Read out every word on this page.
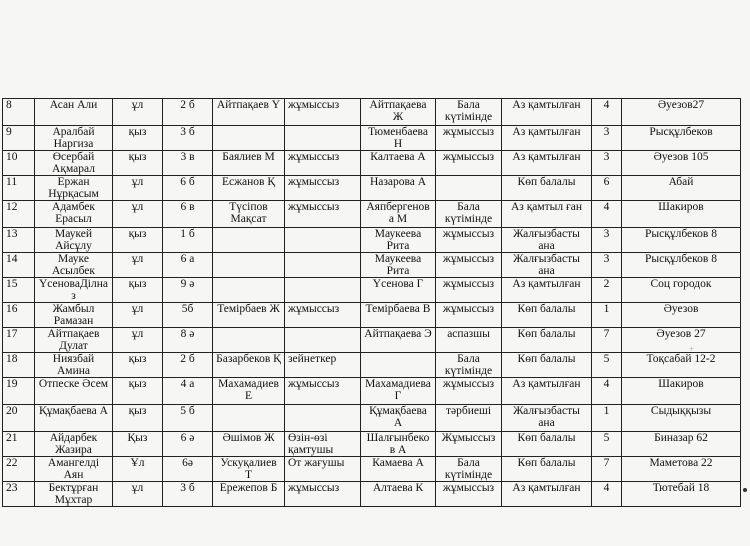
8	Асан Али	ұл	2 б	Айтпақаев Ү	жұмыссыз	Айтпақаева Ж	Бала күтімінде	Аз қамтылған	4	Әуезов27
9	Аралбай Наргиза	қыз	3 б			Тюменбаева Н	жұмыссыз	Аз қамтылған	3	Рысқұлбеков
10	Өсербай Ақмарал	қыз	3 в	Баялиев М	жұмыссыз	Калтаева А	жұмыссыз	Аз қамтылған	3	Әуезов 105
11	Ержан Нұрқасым	ұл	6 б	Есжанов Қ	жұмыссыз	Назарова А		Көп балалы	6	Абай
12	Адамбек Ерасыл	ұл	6 в	Түсіпов Мақсат	жұмыссыз	Аяпбергенова М	Бала күтімінде	Аз қамтыл ған	4	Шакиров
13	Маукей Айсұлу	қыз	1 б			Маукеева Рита	жұмыссыз	Жалғызбасты ана	3	Рысқұлбеков 8
14	Мауке Асылбек	ұл	6 а			Маукеева Рита	жұмыссыз	Жалғызбасты ана	3	Рысқұлбеков 8
15	ҮсеноваДілназ	қыз	9 ә			Үсенова Г	жұмыссыз	Аз қамтылған	2	Соц городок
16	Жамбыл Рамазан	ұл	5б	Темірбаев Ж	жұмыссыз	Темірбаева В	жұмыссыз	Көп балалы	1	Әуезов
17	Айтпақаев Дулат	ұл	8 ә			Айтпақаева Э	аспазшы	Көп балалы	7	Әуезов 27
18	Ниязбай Амина	қыз	2 б	Базарбеков Қ	зейнеткер		Бала күтімінде	Көп балалы	5	Тоқсабай 12-2
19	Отпеске Әсем	қыз	4 а	Махамадиев Е	жұмыссыз	Махамадиева Г	жұмыссыз	Аз қамтылған	4	Шакиров
20	Құмақбаева А	қыз	5 б			Құмақбаева А	тәрбиеші	Жалғызбасты ана	1	Сыдыққызы
21	Айдарбек Жазира	Қыз	6 ә	Әшімов Ж	Өзін-өзі қамтушы	Шалғынбеков А	Жұмыссыз	Көп балалы	5	Биназар 62
22	Амангелді Аян	Ұл	6ә	Ускуқалиев Т	От жағушы	Камаева А	Бала күтімінде	Көп балалы	7	Маметова 22
23	Бектұрған Мұхтар	ұл	3 б	Ережепов Б	жұмыссыз	Алтаева К	жұмыссыз	Аз қамтылған	4	Тютебай 18
+
